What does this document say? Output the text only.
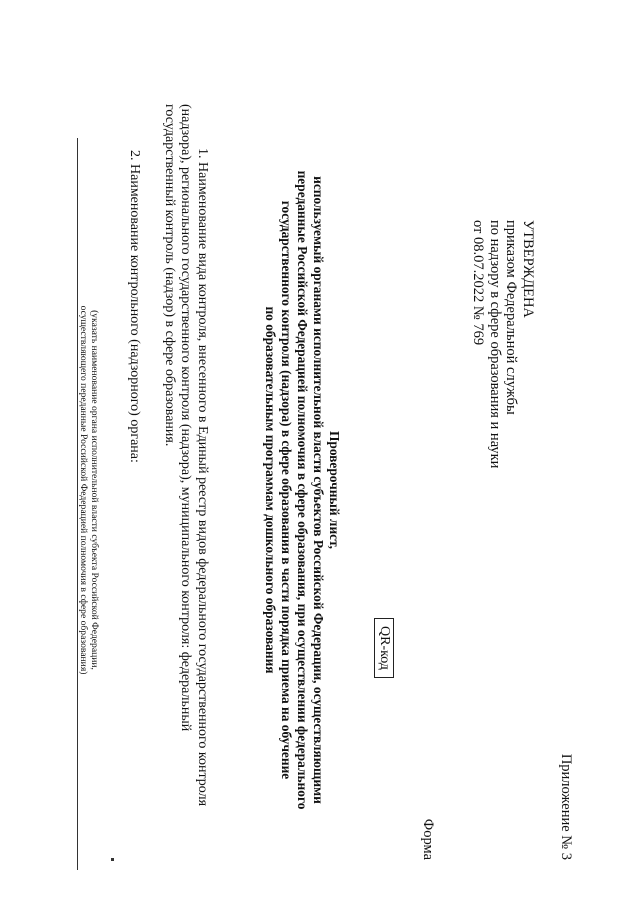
Приложение № 3
УТВЕРЖДЕНА
приказом Федеральной службы
по надзору в сфере образования и науки
от 08.07.2022 № 769
Форма
QR-код
Проверочный лист,
используемый органами исполнительной власти субъектов Российской Федерации, осуществляющими
переданные Российской Федерацией полномочия в сфере образования, при осуществлении федерального
государственного контроля (надзора) в сфере образования в части порядка приема на обучение
по образовательным программам дошкольного образования
1. Наименование вида контроля, внесенного в Единый реестр видов федерального государственного контроля
(надзора), регионального государственного контроля (надзора), муниципального контроля: федеральный
государственный контроль (надзор) в сфере образования.
2. Наименование контрольного (надзорного) органа:
(указать наименование органа исполнительной власти субъекта Российской Федерации,
осуществляющего переданные Российской Федерацией полномочия в сфере образования)
